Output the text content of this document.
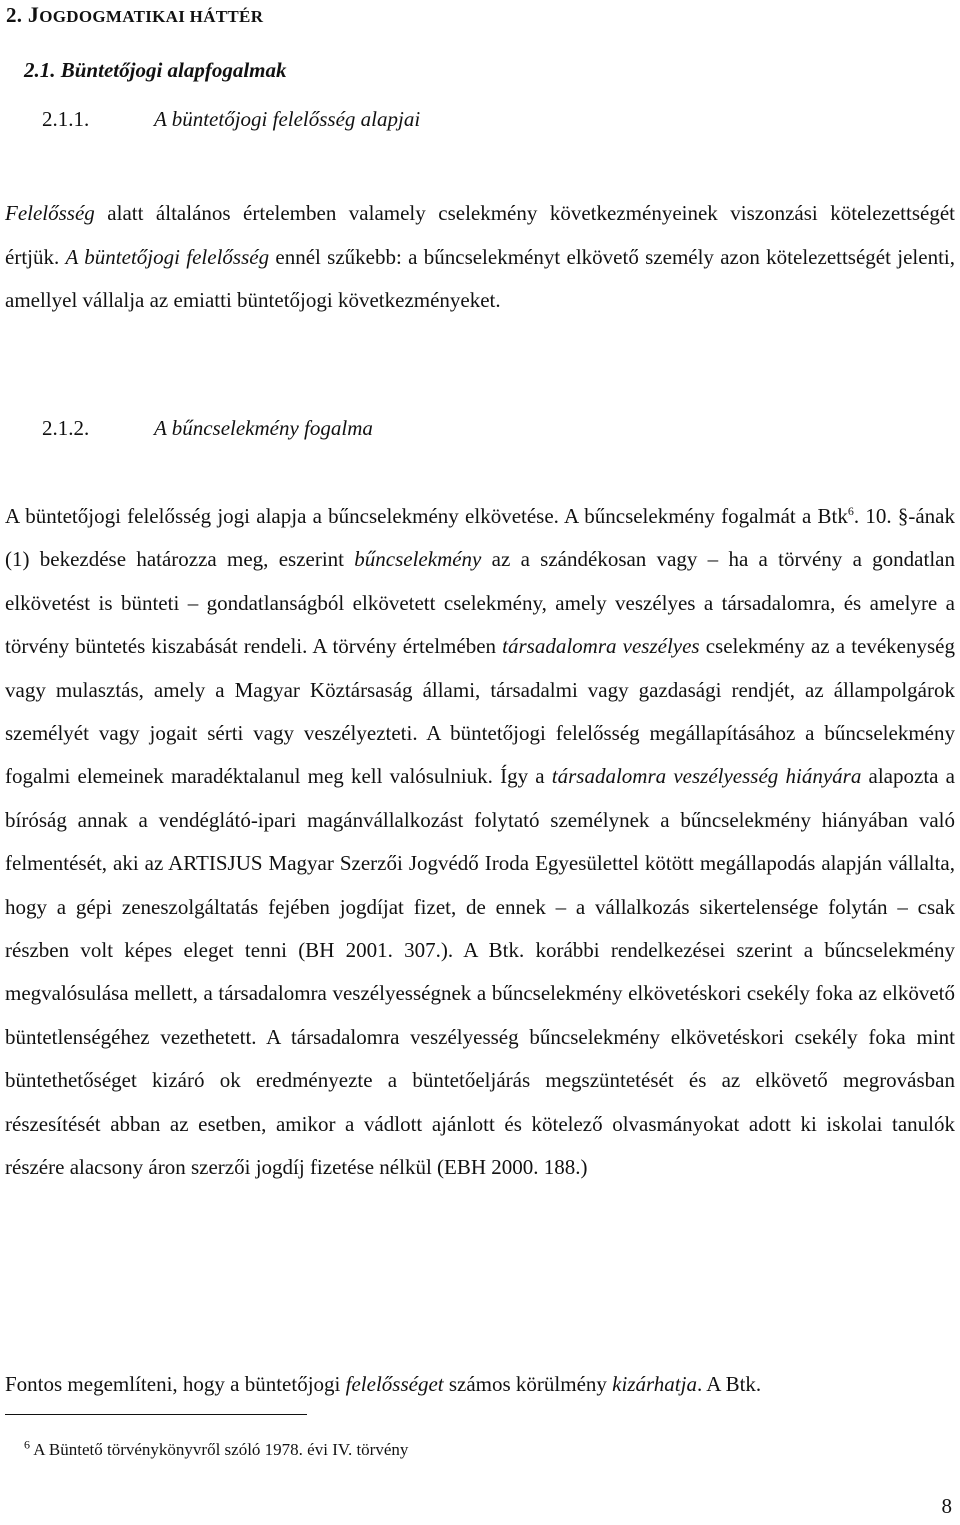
2. JOGDOGMATIKAI HÁTTÉR
2.1. Büntetőjogi alapfogalmak
2.1.1.	A büntetőjogi felelősség alapjai

Felelősség alatt általános értelemben valamely cselekmény következményeinek viszonzási kötelezettségét értjük. A büntetőjogi felelősség ennél szűkebb: a bűncselekményt elkövető személy azon kötelezettségét jelenti, amellyel vállalja az emiatti büntetőjogi következményeket.

2.1.2.	A bűncselekmény fogalma

A büntetőjogi felelősség jogi alapja a bűncselekmény elkövetése. A bűncselekmény fogalmát a Btk$^6$. 10. §-ának (1) bekezdése határozza meg, eszerint bűncselekmény az a szándékosan vagy – ha a törvény a gondatlan elkövetést is bünteti – gondatlanságból elkövetett cselekmény, amely veszélyes a társadalomra, és amelyre a törvény büntetés kiszabását rendeli. A törvény értelmében társadalomra veszélyes cselekmény az a tevékenység vagy mulasztás, amely a Magyar Köztársaság állami, társadalmi vagy gazdasági rendjét, az állampolgárok személyét vagy jogait sérti vagy veszélyezteti. A büntetőjogi felelősség megállapításához a bűncselekmény fogalmi elemeinek maradéktalanul meg kell valósulniuk. Így a társadalomra veszélyesség hiányára alapozta a bíróság annak a vendéglátó-ipari magánvállalkozást folytató személynek a bűncselekmény hiányában való felmentését, aki az ARTISJUS Magyar Szerzői Jogvédő Iroda Egyesülettel kötött megállapodás alapján vállalta, hogy a gépi zeneszolgáltatás fejében jogdíjat fizet, de ennek – a vállalkozás sikertelensége folytán – csak részben volt képes eleget tenni (BH 2001. 307.). A Btk. korábbi rendelkezései szerint a bűncselekmény megvalósulása mellett, a társadalomra veszélyességnek a bűncselekmény elkövetéskori csekély foka az elkövető büntetlenségéhez vezethetett. A társadalomra veszélyesség bűncselekmény elkövetéskori csekély foka mint büntethetőséget kizáró ok eredményezte a büntetőeljárás megszüntetését és az elkövető megrovásban részesítését abban az esetben, amikor a vádlott ajánlott és kötelező olvasmányokat adott ki iskolai tanulók részére alacsony áron szerzői jogdíj fizetése nélkül (EBH 2000. 188.)

Fontos megemlíteni, hogy a büntetőjogi felelősséget számos körülmény kizárhatja. A Btk.

$^6$ A Büntető törvénykönyvről szóló 1978. évi IV. törvény
8
